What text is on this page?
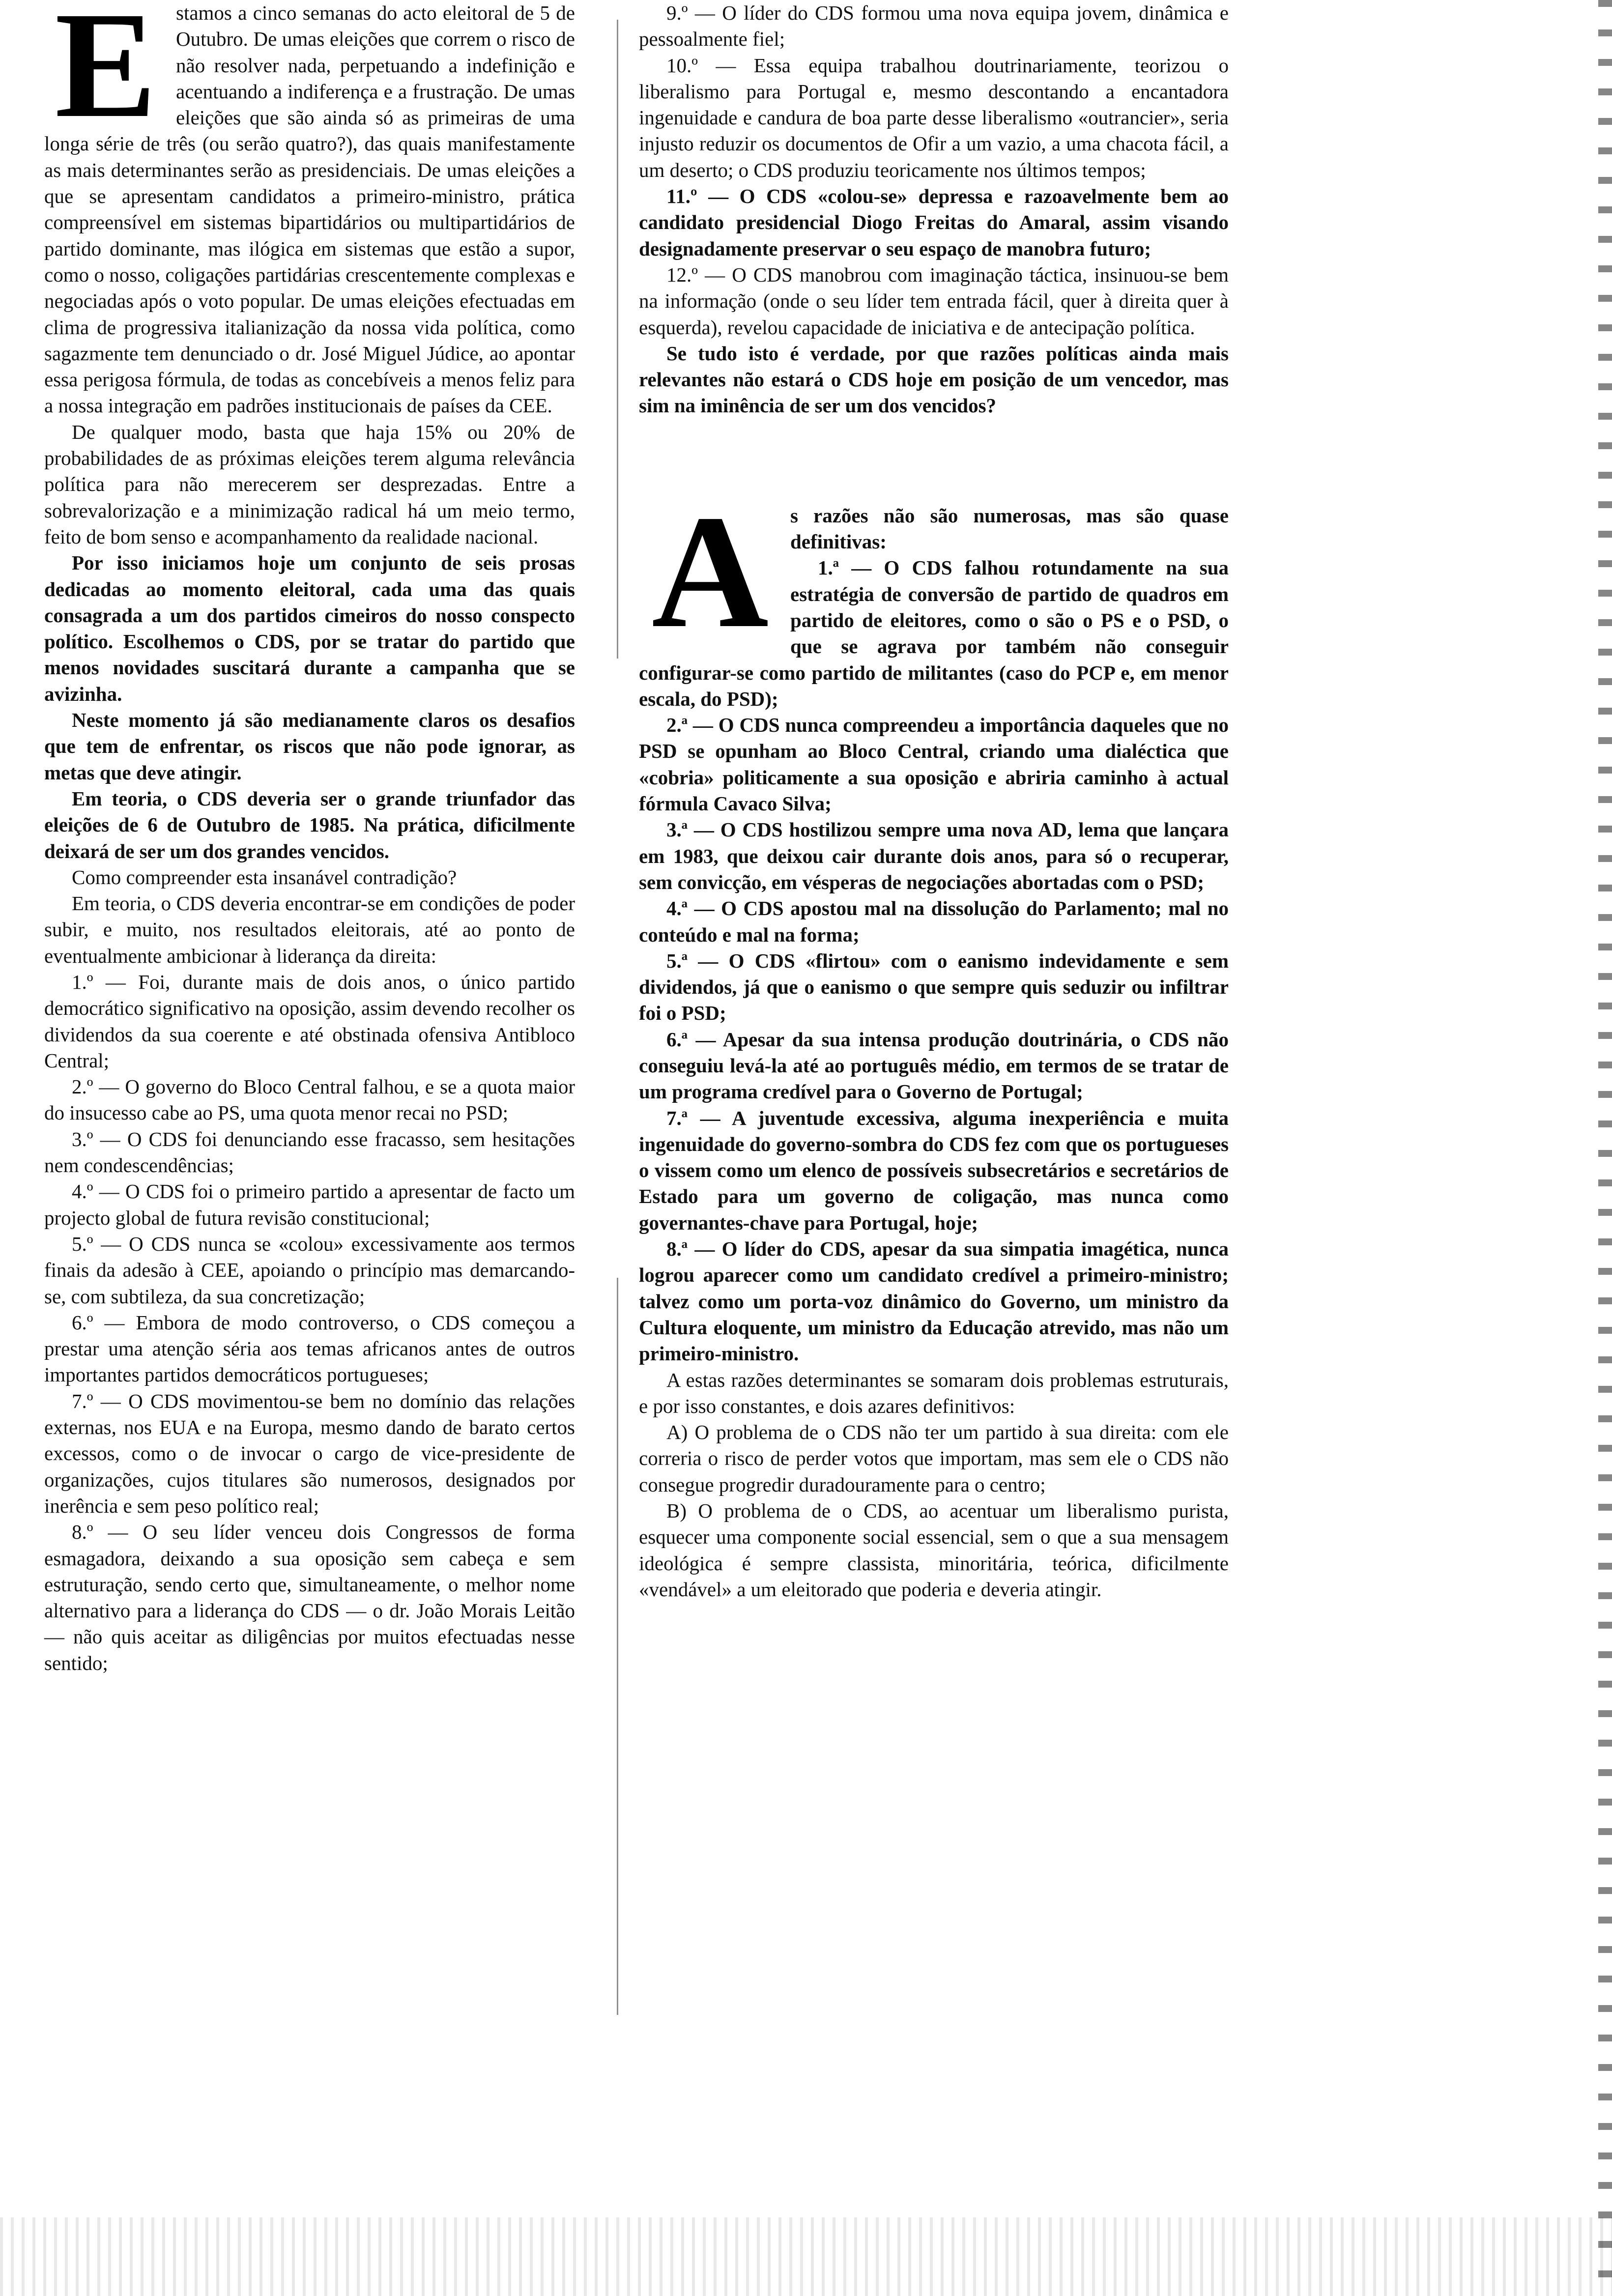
E stamos a cinco semanas do acto eleitoral de 5 de Outubro. De umas eleições que correm o risco de não resolver nada, perpetuando a indefinição e acentuando a indiferença e a frustração. De umas eleições que são ainda só as primeiras de uma longa série de três (ou serão quatro?), das quais manifestamente as mais determinantes serão as presidenciais. De umas eleições a que se apresentam candidatos a primeiro-ministro, prática compreensível em sistemas bipartidários ou multipartidários de partido dominante, mas ilógica em sistemas que estão a supor, como o nosso, coligações partidárias crescentemente complexas e negociadas após o voto popular. De umas eleições efectuadas em clima de progressiva italianização da nossa vida política, como sagazmente tem denunciado o dr. José Miguel Júdice, ao apontar essa perigosa fórmula, de todas as concebíveis a menos feliz para a nossa integração em padrões institucionais de países da CEE.

De qualquer modo, basta que haja 15% ou 20% de probabilidades de as próximas eleições terem alguma relevância política para não merecerem ser desprezadas. Entre a sobrevalorização e a minimização radical há um meio termo, feito de bom senso e acompanhamento da realidade nacional.

Por isso iniciamos hoje um conjunto de seis prosas dedicadas ao momento eleitoral, cada uma das quais consagrada a um dos partidos cimeiros do nosso conspecto político. Escolhemos o CDS, por se tratar do partido que menos novidades suscitará durante a campanha que se avizinha.

Neste momento já são medianamente claros os desafios que tem de enfrentar, os riscos que não pode ignorar, as metas que deve atingir.

Em teoria, o CDS deveria ser o grande triunfador das eleições de 6 de Outubro de 1985. Na prática, dificilmente deixará de ser um dos grandes vencidos.

Como compreender esta insanável contradição?

Em teoria, o CDS deveria encontrar-se em condições de poder subir, e muito, nos resultados eleitorais, até ao ponto de eventualmente ambicionar à liderança da direita:

1.º — Foi, durante mais de dois anos, o único partido democrático significativo na oposição, assim devendo recolher os dividendos da sua coerente e até obstinada ofensiva Antibloco Central;

2.º — O governo do Bloco Central falhou, e se a quota maior do insucesso cabe ao PS, uma quota menor recai no PSD;

3.º — O CDS foi denunciando esse fracasso, sem hesitações nem condescendências;

4.º — O CDS foi o primeiro partido a apresentar de facto um projecto global de futura revisão constitucional;

5.º — O CDS nunca se «colou» excessivamente aos termos finais da adesão à CEE, apoiando o princípio mas demarcando-se, com subtileza, da sua concretização;

6.º — Embora de modo controverso, o CDS começou a prestar uma atenção séria aos temas africanos antes de outros importantes partidos democráticos portugueses;

7.º — O CDS movimentou-se bem no domínio das relações externas, nos EUA e na Europa, mesmo dando de barato certos excessos, como o de invocar o cargo de vice-presidente de organizações, cujos titulares são numerosos, designados por inerência e sem peso político real;

8.º — O seu líder venceu dois Congressos de forma esmagadora, deixando a sua oposição sem cabeça e sem estruturação, sendo certo que, simultaneamente, o melhor nome alternativo para a liderança do CDS — o dr. João Morais Leitão — não quis aceitar as diligências por muitos efectuadas nesse sentido;

9.º — O líder do CDS formou uma nova equipa jovem, dinâmica e pessoalmente fiel;

10.º — Essa equipa trabalhou doutrinariamente, teorizou o liberalismo para Portugal e, mesmo descontando a encantadora ingenuidade e candura de boa parte desse liberalismo «outrancier», seria injusto reduzir os documentos de Ofir a um vazio, a uma chacota fácil, a um deserto; o CDS produziu teoricamente nos últimos tempos;

11.º — O CDS «colou-se» depressa e razoavelmente bem ao candidato presidencial Diogo Freitas do Amaral, assim visando designadamente preservar o seu espaço de manobra futuro;

12.º — O CDS manobrou com imaginação táctica, insinuou-se bem na informação (onde o seu líder tem entrada fácil, quer à direita quer à esquerda), revelou capacidade de iniciativa e de antecipação política.

Se tudo isto é verdade, por que razões políticas ainda mais relevantes não estará o CDS hoje em posição de um vencedor, mas sim na iminência de ser um dos vencidos?

A	s razões não são numerosas, mas são quase definitivas:

1.ª — O CDS falhou rotundamente na sua estratégia de conversão de partido de quadros em partido de eleitores, como o são o PS e o PSD, o que se agrava por também não conseguir configurar-se como partido de militantes (caso do PCP e, em menor escala, do PSD);

2.ª — O CDS nunca compreendeu a importância daqueles que no PSD se opunham ao Bloco Central, criando uma dialéctica que «cobria» politicamente a sua oposição e abriria caminho à actual fórmula Cavaco Silva;

3.ª — O CDS hostilizou sempre uma nova AD, lema que lançara em 1983, que deixou cair durante dois anos, para só o recuperar, sem convicção, em vésperas de negociações abortadas com o PSD;

4.ª — O CDS apostou mal na dissolução do Parlamento; mal no conteúdo e mal na forma;

5.ª — O CDS «flirtou» com o eanismo indevidamente e sem dividendos, já que o eanismo o que sempre quis seduzir ou infiltrar foi o PSD;

6.ª — Apesar da sua intensa produção doutrinária, o CDS não conseguiu levá-la até ao português médio, em termos de se tratar de um programa credível para o Governo de Portugal;

7.ª — A juventude excessiva, alguma inexperiência e muita ingenuidade do governo-sombra do CDS fez com que os portugueses o vissem como um elenco de possíveis subsecretários e secretários de Estado para um governo de coligação, mas nunca como governantes-chave para Portugal, hoje;

8.ª — O líder do CDS, apesar da sua simpatia imagética, nunca logrou aparecer como um candidato credível a primeiro-ministro; talvez como um porta-voz dinâmico do Governo, um ministro da Cultura eloquente, um ministro da Educação atrevido, mas não um primeiro-ministro.

A estas razões determinantes se somaram dois problemas estruturais, e por isso constantes, e dois azares definitivos:

A) O problema de o CDS não ter um partido à sua direita: com ele correria o risco de perder votos que importam, mas sem ele o CDS não consegue progredir duradouramente para o centro;

B) O problema de o CDS, ao acentuar um liberalismo purista, esquecer uma componente social essencial, sem o que a sua mensagem ideológica é sempre classista, minoritária, teórica, dificilmente «vendável» a um eleitorado que poderia e deveria atingir.
